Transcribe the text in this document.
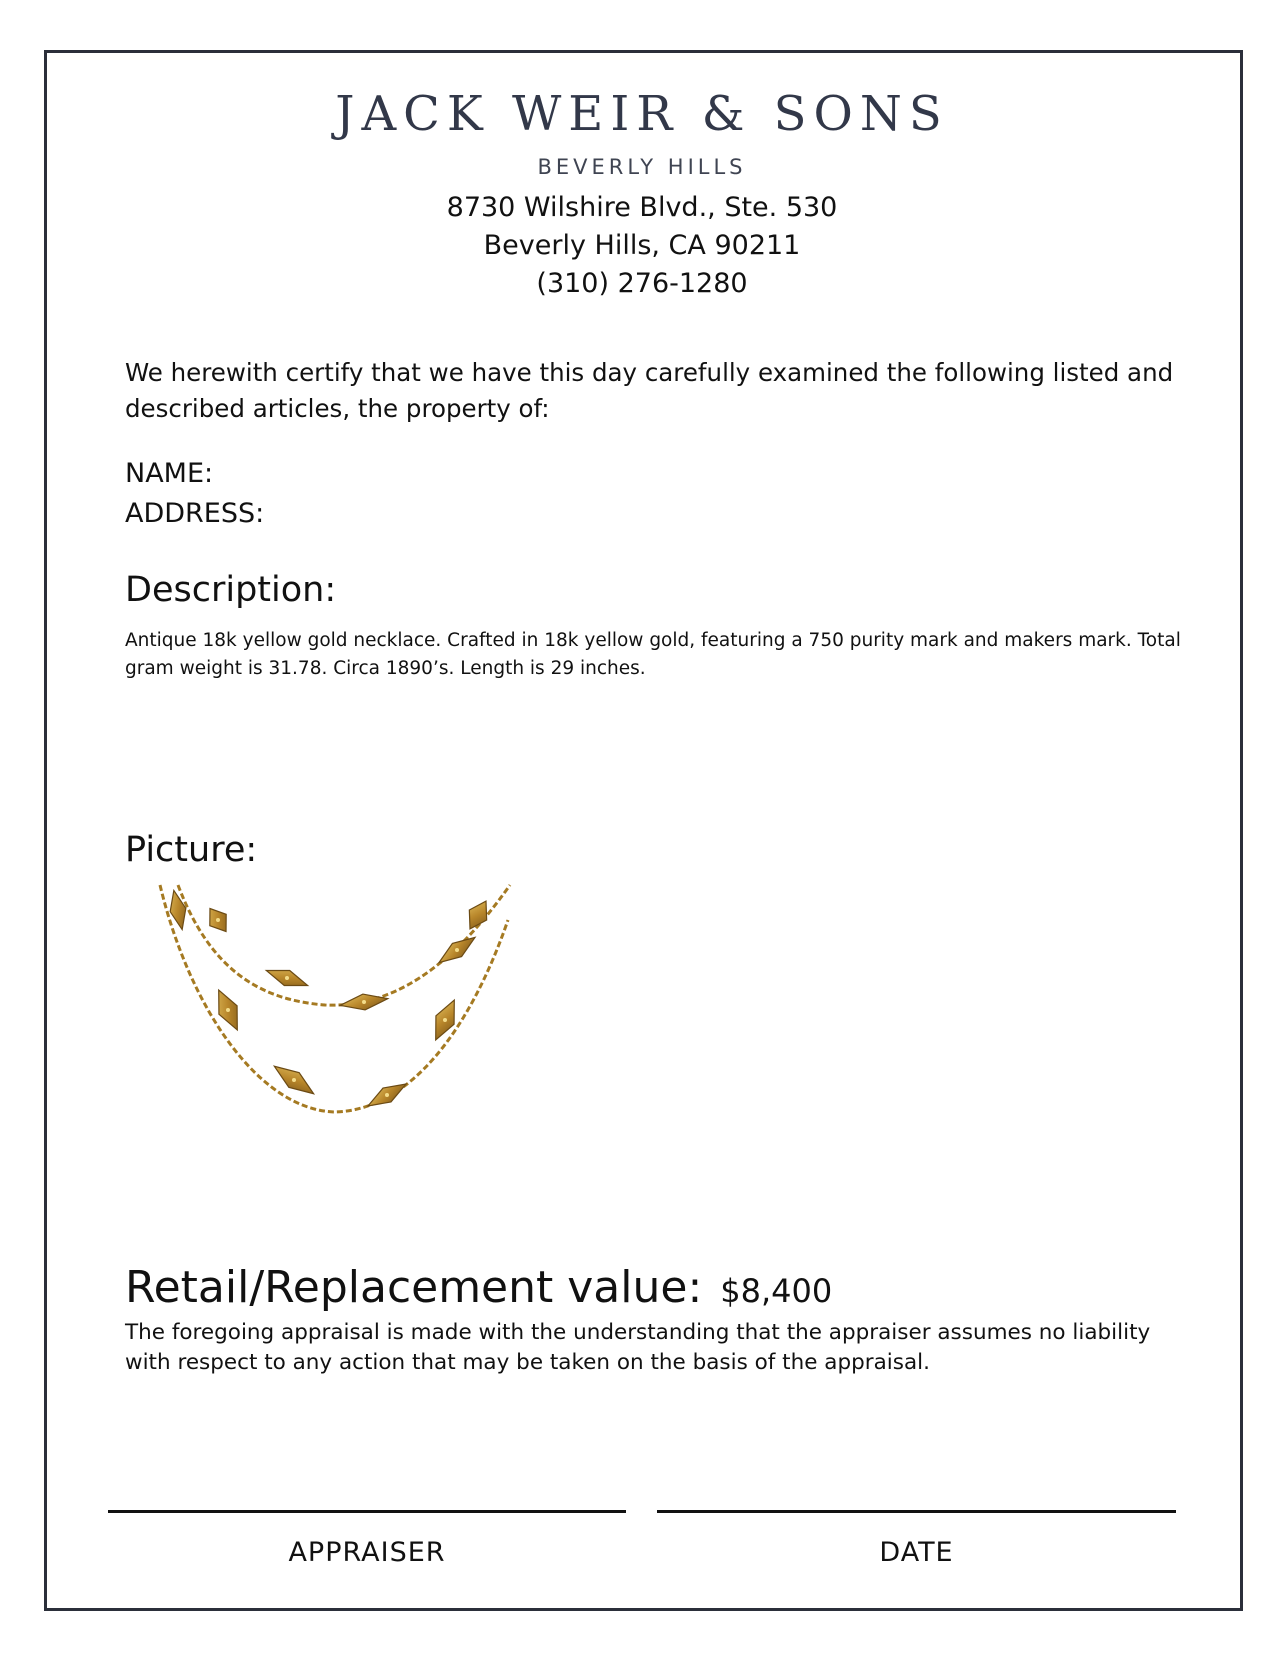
JACK WEIR & SONS
BEVERLY HILLS
8730 Wilshire Blvd., Ste. 530
Beverly Hills, CA 90211
(310) 276-1280
We herewith certify that we have this day carefully examined the following listed and described articles, the property of:
NAME:
ADDRESS:
Description:
Antique 18k yellow gold necklace. Crafted in 18k yellow gold, featuring a 750 purity mark and makers mark. Total gram weight is 31.78. Circa 1890’s. Length is 29 inches.
Picture:
Retail/Replacement value: $8,400
The foregoing appraisal is made with the understanding that the appraiser assumes no liability with respect to any action that may be taken on the basis of the appraisal.
APPRAISER	DATE
